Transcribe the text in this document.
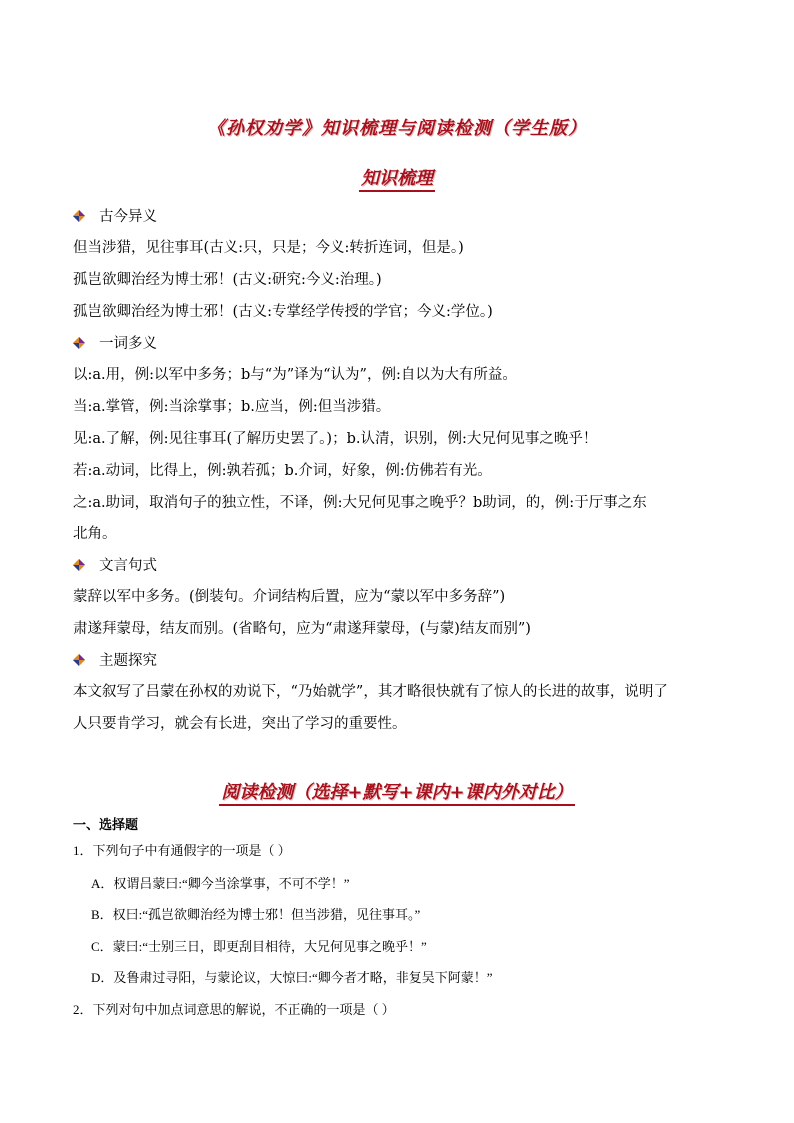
《孙权劝学》知识梳理与阅读检测（学生版）
知识梳理
古今异义
但当涉猎，见往事耳(古义:只，只是；今义:转折连词，但是。)
孤岂欲卿治经为博士邪！(古义:研究:今义:治理。)
孤岂欲卿治经为博士邪！(古义:专掌经学传授的学官；今义:学位。)
一词多义
以:a.用，例:以军中多务；b与“为”译为“认为”，例:自以为大有所益。
当:a.掌管，例:当涂掌事；b.应当，例:但当涉猎。
见:a.了解，例:见往事耳(了解历史罢了。)；b.认清，识别，例:大兄何见事之晚乎！
若:a.动词，比得上，例:孰若孤；b.介词，好象，例:仿佛若有光。
之:a.助词，取消句子的独立性，不译，例:大兄何见事之晚乎？b助词，的，例:于厅事之东
北角。
文言句式
蒙辞以军中多务。(倒装句。介词结构后置，应为“蒙以军中多务辞”)
肃遂拜蒙母，结友而别。(省略句，应为“肃遂拜蒙母，(与蒙)结友而别”)
主题探究
本文叙写了吕蒙在孙权的劝说下，“乃始就学”，其才略很快就有了惊人的长进的故事，说明了
人只要肯学习，就会有长进，突出了学习的重要性。
阅读检测（选择+默写+课内+课内外对比）
一、选择题
1．下列句子中有通假字的一项是（ ）
A．权谓吕蒙曰:“卿今当涂掌事，不可不学！”
B．权曰:“孤岂欲卿治经为博士邪！但当涉猎，见往事耳。”
C．蒙曰:“士别三日，即更刮目相待，大兄何见事之晚乎！”
D．及鲁肃过寻阳，与蒙论议，大惊曰:“卿今者才略，非复吴下阿蒙！”
2．下列对句中加点词意思的解说，不正确的一项是（ ）
